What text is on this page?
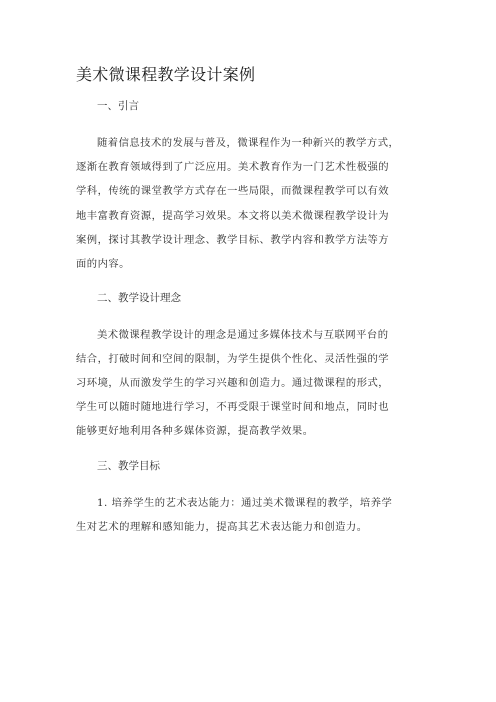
美术微课程教学设计案例
一、引言
随着信息技术的发展与普及，微课程作为一种新兴的教学方式，
逐渐在教育领域得到了广泛应用。美术教育作为一门艺术性极强的
学科，传统的课堂教学方式存在一些局限，而微课程教学可以有效
地丰富教育资源，提高学习效果。本文将以美术微课程教学设计为
案例，探讨其教学设计理念、教学目标、教学内容和教学方法等方
面的内容。
二、教学设计理念
美术微课程教学设计的理念是通过多媒体技术与互联网平台的
结合，打破时间和空间的限制，为学生提供个性化、灵活性强的学
习环境，从而激发学生的学习兴趣和创造力。通过微课程的形式，
学生可以随时随地进行学习，不再受限于课堂时间和地点，同时也
能够更好地利用各种多媒体资源，提高教学效果。
三、教学目标
1. 培养学生的艺术表达能力：通过美术微课程的教学，培养学
生对艺术的理解和感知能力，提高其艺术表达能力和创造力。
